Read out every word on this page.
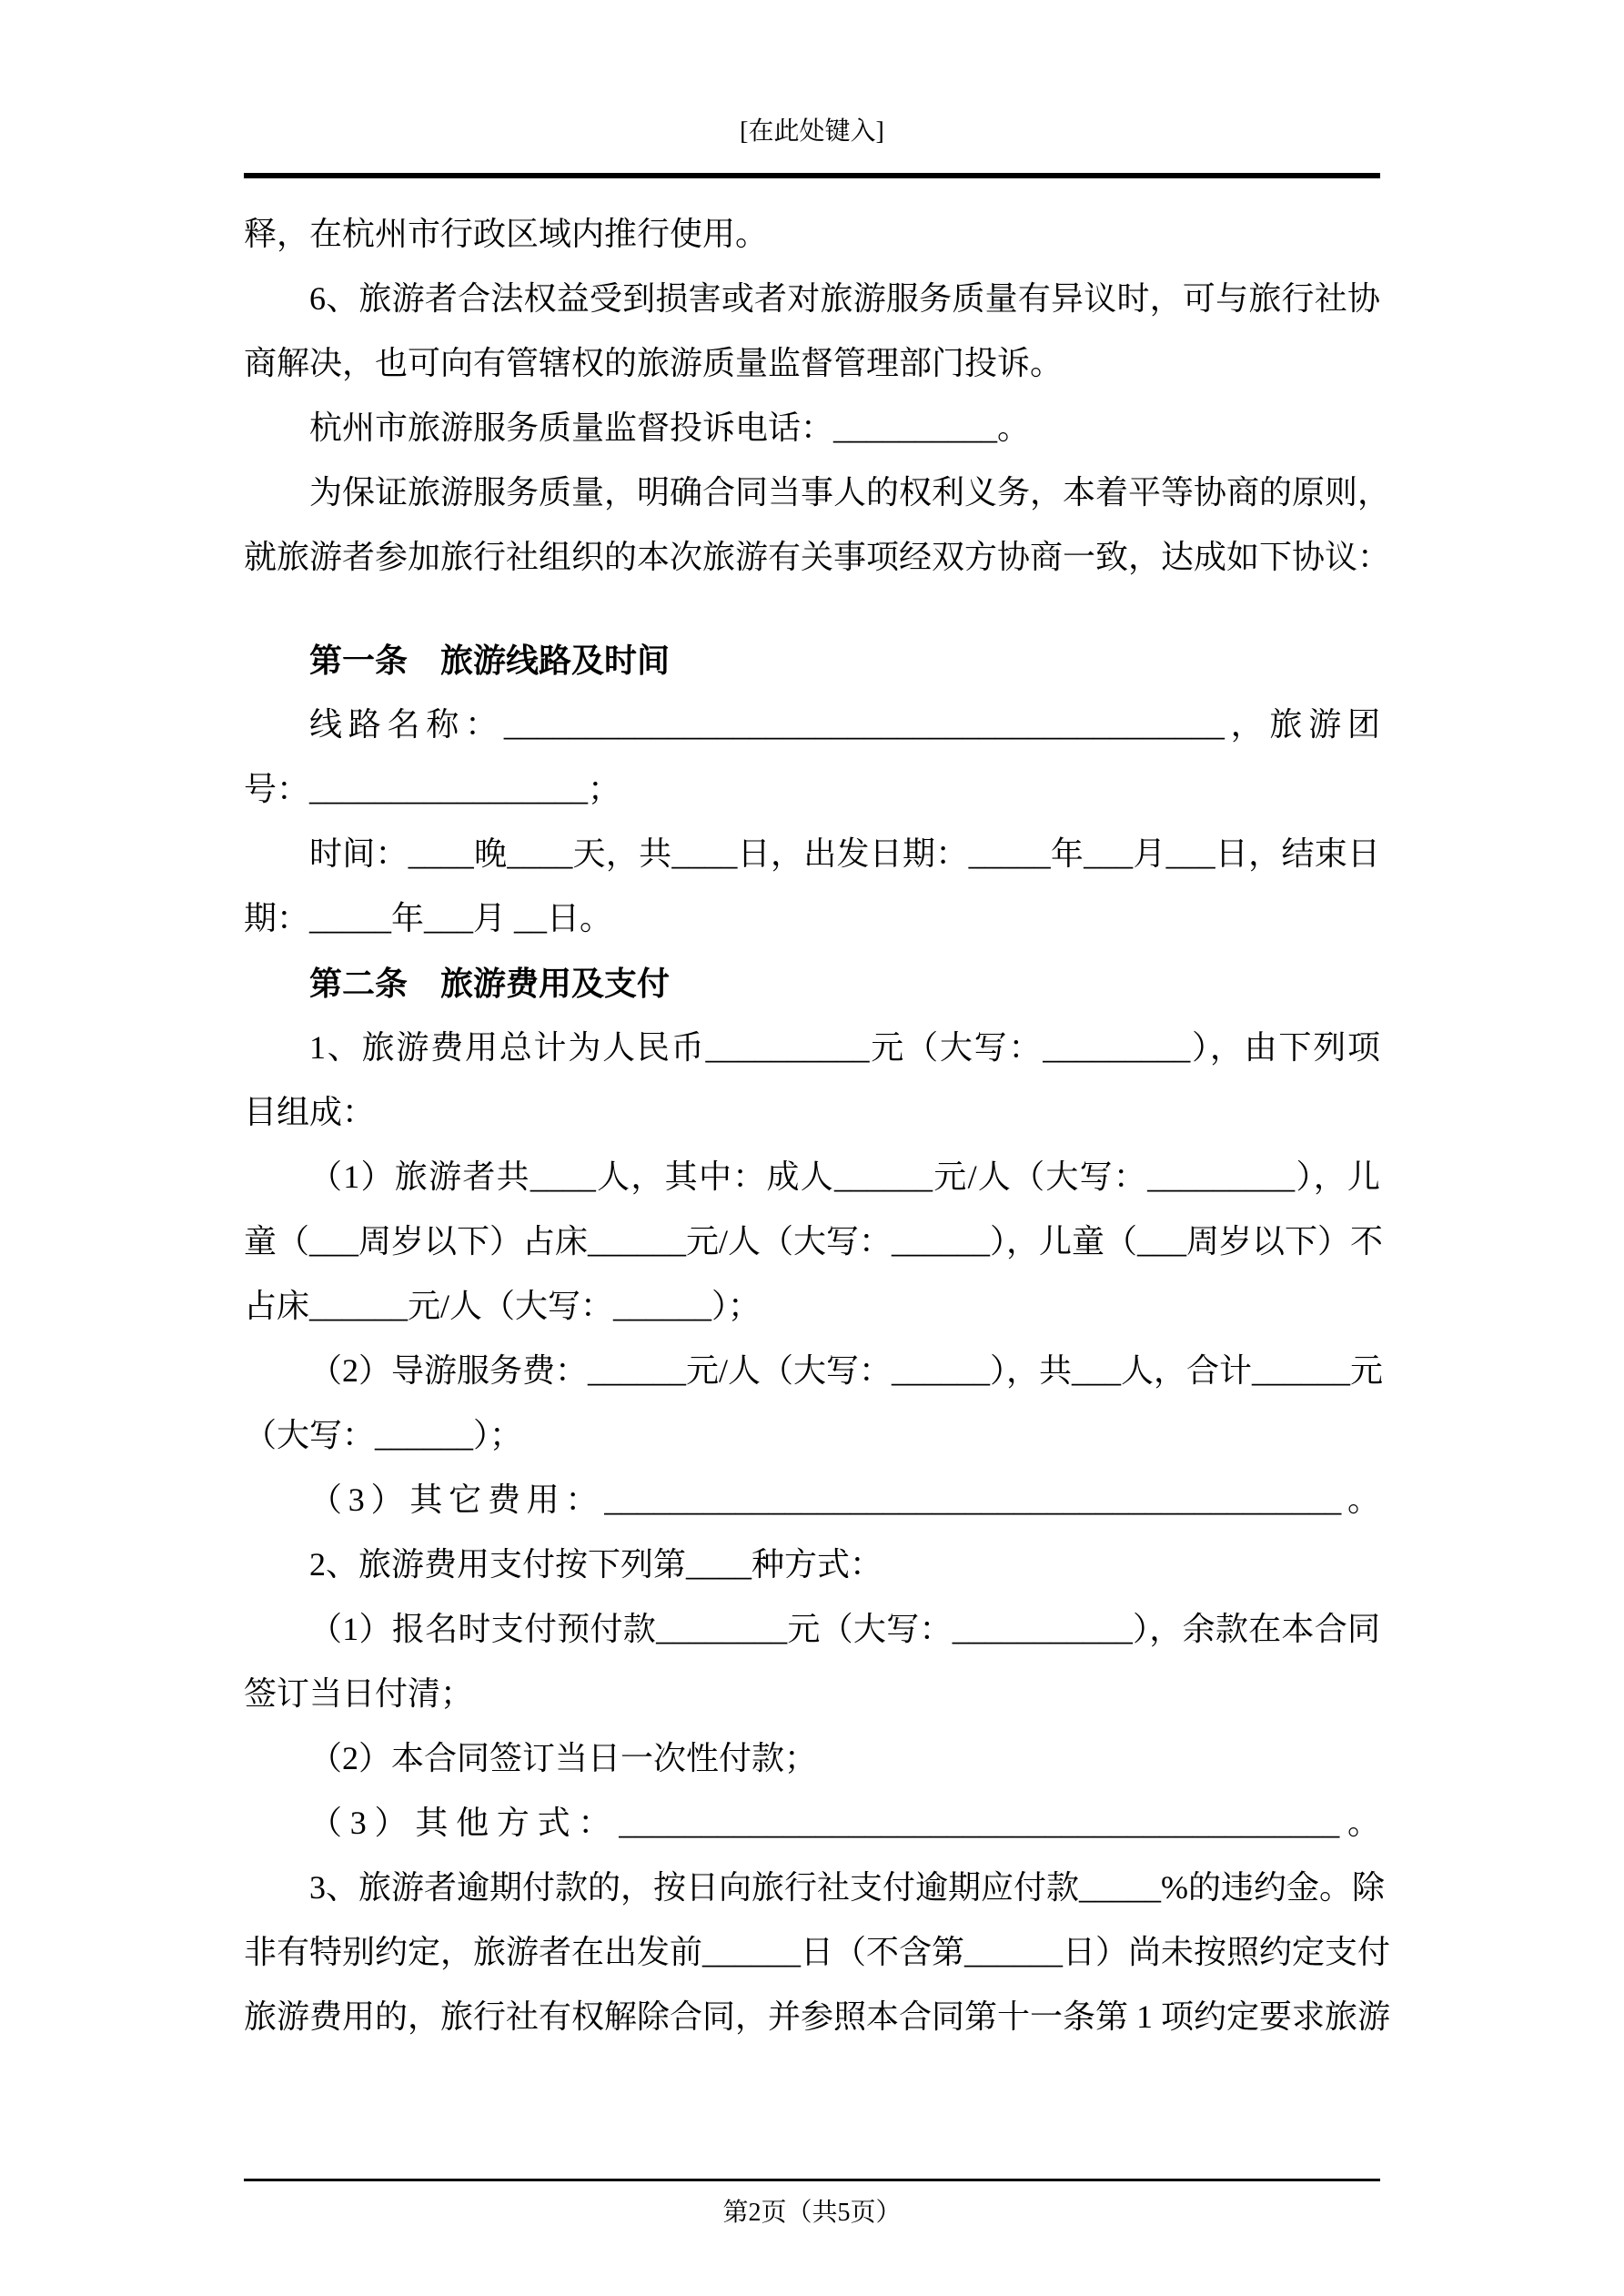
[在此处键入]
释，在杭州市行政区域内推行使用。
6、旅游者合法权益受到损害或者对旅游服务质量有异议时，可与旅行社协
商解决，也可向有管辖权的旅游质量监督管理部门投诉。
杭州市旅游服务质量监督投诉电话：__________。
为保证旅游服务质量，明确合同当事人的权利义务，本着平等协商的原则，
就旅游者参加旅行社组织的本次旅游有关事项经双方协商一致，达成如下协议：
第一条　旅游线路及时间
线路名称：____________________________________________，旅游团
号：_________________；
时间：____晚____天，共____日，出发日期：_____年___月___日，结束日
期：_____年___月 __日。
第二条　旅游费用及支付
1、旅游费用总计为人民币__________元（大写：_________），由下列项
目组成：
（1）旅游者共____人，其中：成人______元/人（大写：_________），儿
童（___周岁以下）占床______元/人（大写：______），儿童（___周岁以下）不
占床______元/人（大写：______）；
（2）导游服务费：______元/人（大写：______），共___人，合计______元
（大写：______）；
（3）其它费用：_____________________________________________。
2、旅游费用支付按下列第____种方式：
（1）报名时支付预付款________元（大写：___________），余款在本合同
签订当日付清；
（2）本合同签订当日一次性付款；
（3）其他方式：____________________________________________。
3、旅游者逾期付款的，按日向旅行社支付逾期应付款_____%的违约金。除
非有特别约定，旅游者在出发前______日（不含第______日）尚未按照约定支付
旅游费用的，旅行社有权解除合同，并参照本合同第十一条第 1 项约定要求旅游
第2页（共5页）
